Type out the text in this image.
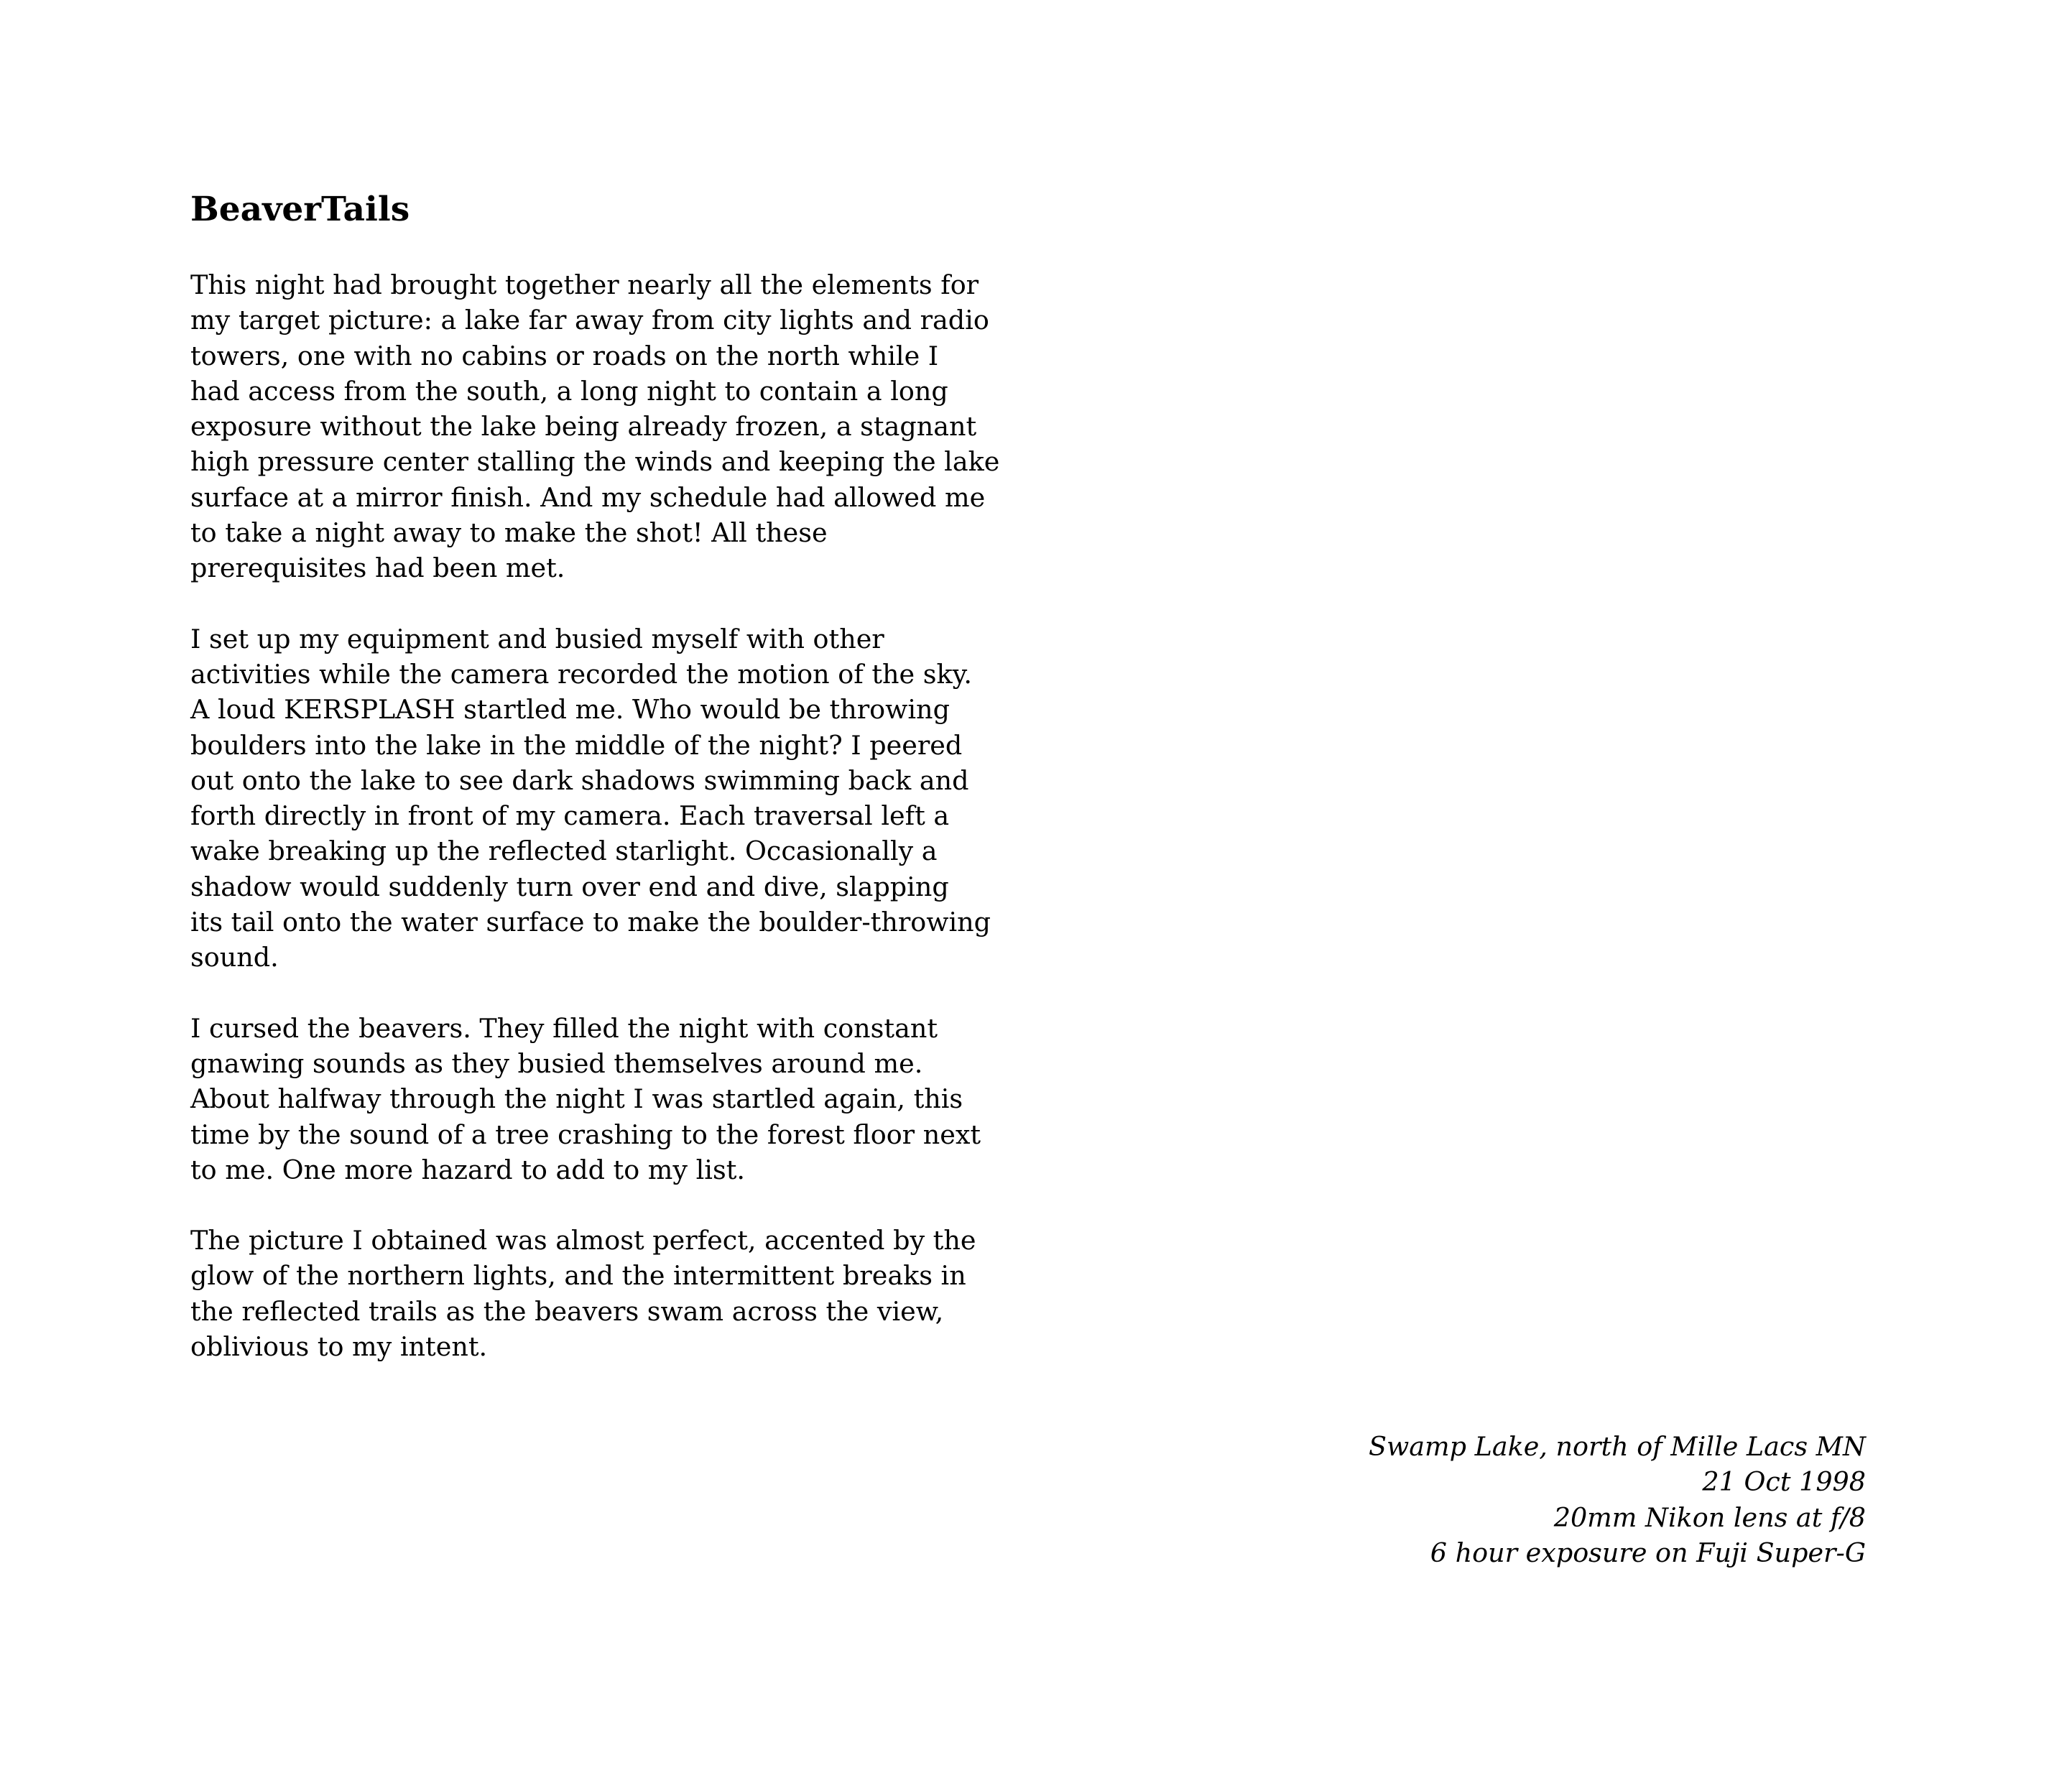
BeaverTails

This night had brought together nearly all the elements for
my target picture: a lake far away from city lights and radio
towers, one with no cabins or roads on the north while I
had access from the south, a long night to contain a long
exposure without the lake being already frozen, a stagnant
high pressure center stalling the winds and keeping the lake
surface at a mirror finish. And my schedule had allowed me
to take a night away to make the shot! All these
prerequisites had been met.

I set up my equipment and busied myself with other
activities while the camera recorded the motion of the sky.
A loud KERSPLASH startled me. Who would be throwing
boulders into the lake in the middle of the night? I peered
out onto the lake to see dark shadows swimming back and
forth directly in front of my camera. Each traversal left a
wake breaking up the reflected starlight. Occasionally a
shadow would suddenly turn over end and dive, slapping
its tail onto the water surface to make the boulder-throwing
sound.

I cursed the beavers. They filled the night with constant
gnawing sounds as they busied themselves around me.
About halfway through the night I was startled again, this
time by the sound of a tree crashing to the forest floor next
to me. One more hazard to add to my list.

The picture I obtained was almost perfect, accented by the
glow of the northern lights, and the intermittent breaks in
the reflected trails as the beavers swam across the view,
oblivious to my intent.

Swamp Lake, north of Mille Lacs MN
21 Oct 1998
20mm Nikon lens at f/8
6 hour exposure on Fuji Super-G
